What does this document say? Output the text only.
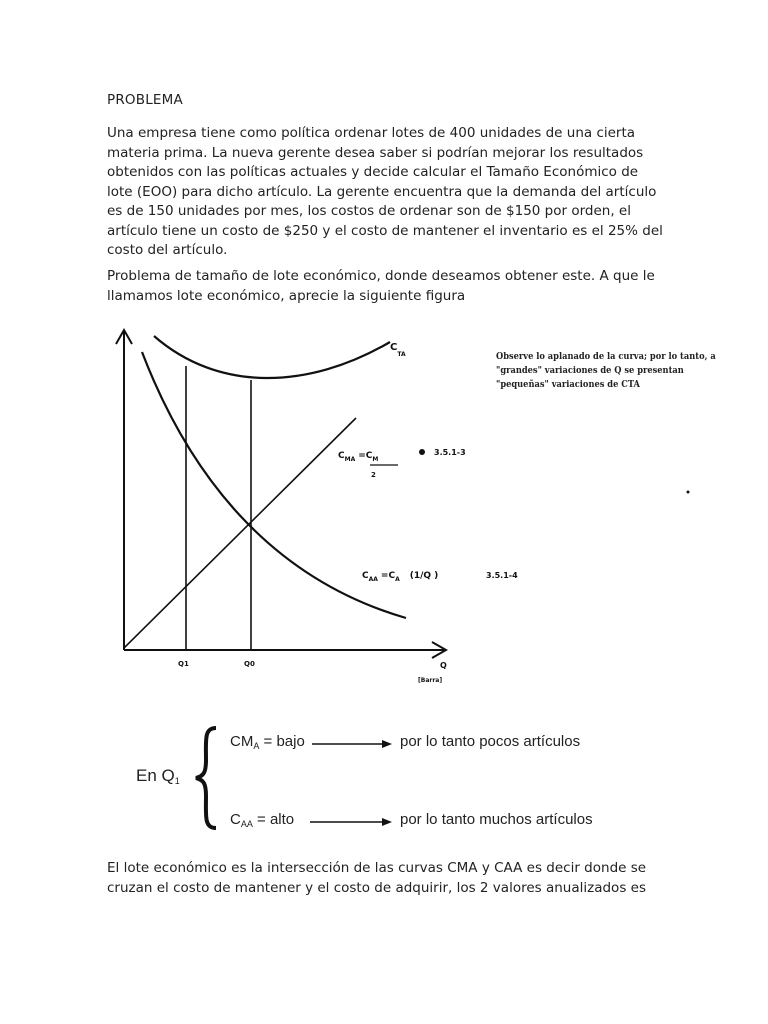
PROBLEMA

Una empresa tiene como política ordenar lotes de 400 unidades de una cierta materia prima. La nueva gerente desea saber si podrían mejorar los resultados obtenidos con las políticas actuales y decide calcular el Tamaño Económico de lote (EOO) para dicho artículo. La gerente encuentra que la demanda del artículo es de 150 unidades por mes, los costos de ordenar son de $150 por orden, el artículo tiene un costo de $250 y el costo de mantener el inventario es el 25% del costo del artículo.

Problema de tamaño de lote económico, donde deseamos obtener este. A que le llamamos lote económico, aprecie la siguiente figura

$C_{TA}$
$C_{MA} =C_M$
2
3.5.1-3
$C_{AA} =C_A$ (1/Q )	3.5.1-4
Q1	Q0	Q
[Barra]
Observe lo aplanado de la curva; por lo tanto, a
"grandes" variaciones de Q se presentan
"pequeñas" variaciones de CTA
En $Q_1$
$CM_A$ = bajo	por lo tanto pocos artículos
$C_{AA}$ = alto	por lo tanto muchos artículos

El lote económico es la intersección de las curvas CMA y CAA es decir donde se cruzan el costo de mantener y el costo de adquirir, los 2 valores anualizados es
